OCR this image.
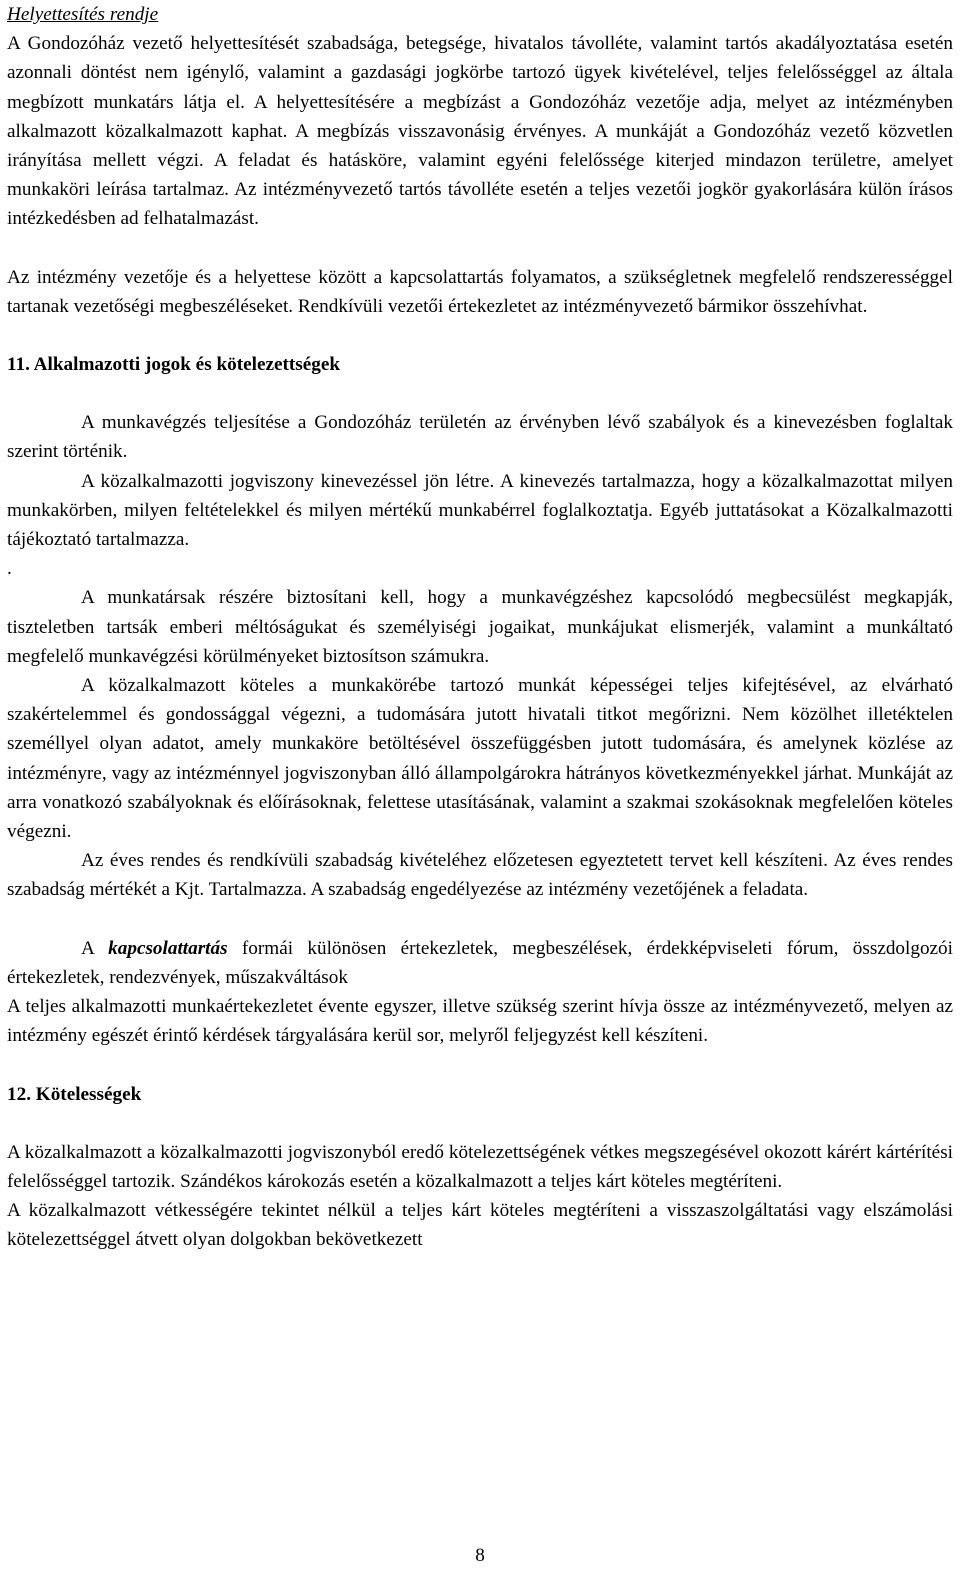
Helyettesítés rendje

A Gondozóház vezető helyettesítését szabadsága, betegsége, hivatalos távolléte, valamint tartós akadályoztatása esetén azonnali döntést nem igénylő, valamint a gazdasági jogkörbe tartozó ügyek kivételével, teljes felelősséggel az általa megbízott munkatárs látja el. A helyettesítésére a megbízást a Gondozóház vezetője adja, melyet az intézményben alkalmazott közalkalmazott kaphat. A megbízás visszavonásig érvényes. A munkáját a Gondozóház vezető közvetlen irányítása mellett végzi. A feladat és hatásköre, valamint egyéni felelőssége kiterjed mindazon területre, amelyet munkaköri leírása tartalmaz. Az intézményvezető tartós távolléte esetén a teljes vezetői jogkör gyakorlására külön írásos intézkedésben ad felhatalmazást.

Az intézmény vezetője és a helyettese között a kapcsolattartás folyamatos, a szükségletnek megfelelő rendszerességgel tartanak vezetőségi megbeszéléseket. Rendkívüli vezetői értekezletet az intézményvezető bármikor összehívhat.

11. Alkalmazotti jogok és kötelezettségek

A munkavégzés teljesítése a Gondozóház területén az érvényben lévő szabályok és a kinevezésben foglaltak szerint történik.

A közalkalmazotti jogviszony kinevezéssel jön létre. A kinevezés tartalmazza, hogy a közalkalmazottat milyen munkakörben, milyen feltételekkel és milyen mértékű munkabérrel foglalkoztatja. Egyéb juttatásokat a Közalkalmazotti tájékoztató tartalmazza.

.

A munkatársak részére biztosítani kell, hogy a munkavégzéshez kapcsolódó megbecsülést megkapják, tiszteletben tartsák emberi méltóságukat és személyiségi jogaikat, munkájukat elismerjék, valamint a munkáltató megfelelő munkavégzési körülményeket biztosítson számukra.

A közalkalmazott köteles a munkakörébe tartozó munkát képességei teljes kifejtésével, az elvárható szakértelemmel és gondossággal végezni, a tudomására jutott hivatali titkot megőrizni. Nem közölhet illetéktelen személlyel olyan adatot, amely munkaköre betöltésével összefüggésben jutott tudomására, és amelynek közlése az intézményre, vagy az intézménnyel jogviszonyban álló állampolgárokra hátrányos következményekkel járhat. Munkáját az arra vonatkozó szabályoknak és előírásoknak, felettese utasításának, valamint a szakmai szokásoknak megfelelően köteles végezni.

Az éves rendes és rendkívüli szabadság kivételéhez előzetesen egyeztetett tervet kell készíteni. Az éves rendes szabadság mértékét a Kjt. Tartalmazza. A szabadság engedélyezése az intézmény vezetőjének a feladata.

A kapcsolattartás formái különösen értekezletek, megbeszélések, érdekképviseleti fórum, összdolgozói értekezletek, rendezvények, műszakváltások

A teljes alkalmazotti munkaértekezletet évente egyszer, illetve szükség szerint hívja össze az intézményvezető, melyen az intézmény egészét érintő kérdések tárgyalására kerül sor, melyről feljegyzést kell készíteni.

12. Kötelességek

A közalkalmazott a közalkalmazotti jogviszonyból eredő kötelezettségének vétkes megszegésével okozott kárért kártérítési felelősséggel tartozik. Szándékos károkozás esetén a közalkalmazott a teljes kárt köteles megtéríteni.

A közalkalmazott vétkességére tekintet nélkül a teljes kárt köteles megtéríteni a visszaszolgáltatási vagy elszámolási kötelezettséggel átvett olyan dolgokban bekövetkezett

8
